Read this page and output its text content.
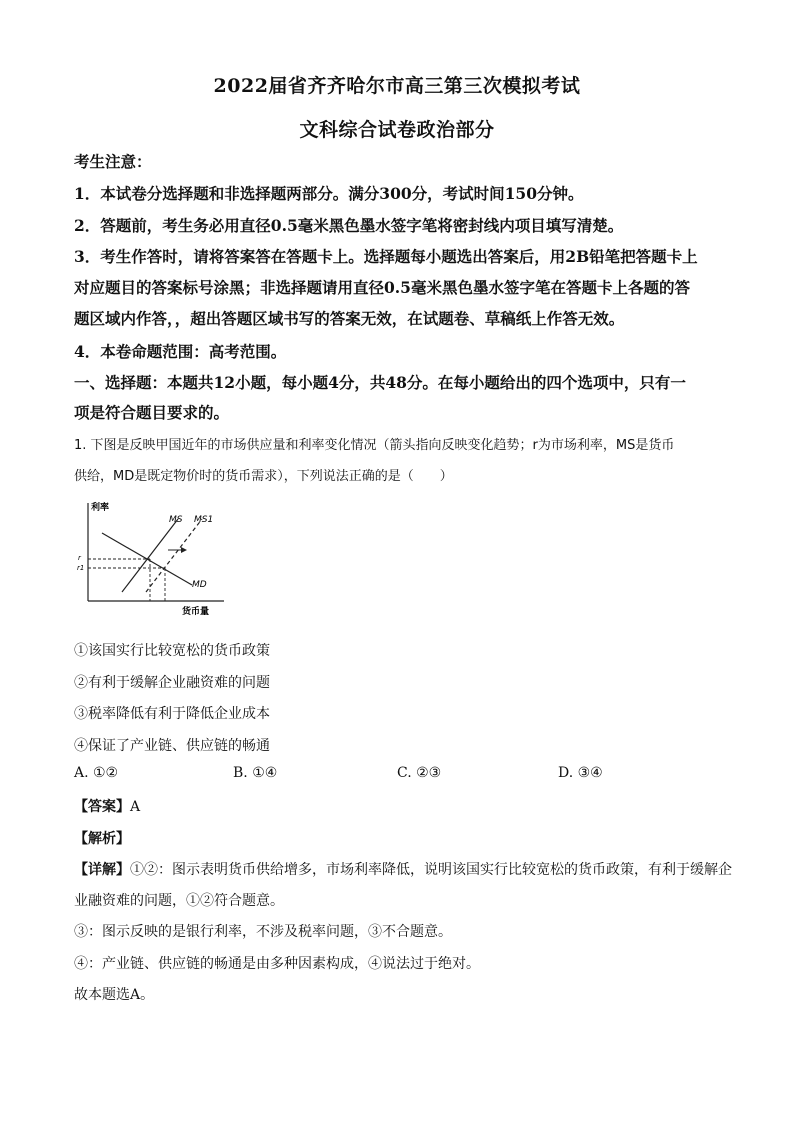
2022届省齐齐哈尔市高三第三次模拟考试
文科综合试卷政治部分
考生注意：
1．本试卷分选择题和非选择题两部分。满分300分，考试时间150分钟。
2．答题前，考生务必用直径0.5毫米黑色墨水签字笔将密封线内项目填写清楚。
3．考生作答时，请将答案答在答题卡上。选择题每小题选出答案后，用2B铅笔把答题卡上
对应题目的答案标号涂黑；非选择题请用直径0.5毫米黑色墨水签字笔在答题卡上各题的答
题区域内作答，，超出答题区域书写的答案无效，在试题卷、草稿纸上作答无效。
4．本卷命题范围：高考范围。
一、选择题：本题共12小题，每小题4分，共48分。在每小题给出的四个选项中，只有一
项是符合题目要求的。
1. 下图是反映甲国近年的市场供应量和利率变化情况（箭头指向反映变化趋势；r为市场利率，MS是货币
供给，MD是既定物价时的货币需求），下列说法正确的是（　　）
利率
货币量
MS MS1
MD
r
r1
①该国实行比较宽松的货币政策
②有利于缓解企业融资难的问题
③税率降低有利于降低企业成本
④保证了产业链、供应链的畅通
A. ①②	B. ①④	C. ②③	D. ③④
【答案】A
【解析】
【详解】①②：图示表明货币供给增多，市场利率降低，说明该国实行比较宽松的货币政策，有利于缓解企
业融资难的问题，①②符合题意。
③：图示反映的是银行利率，不涉及税率问题，③不合题意。
④：产业链、供应链的畅通是由多种因素构成，④说法过于绝对。
故本题选A。
